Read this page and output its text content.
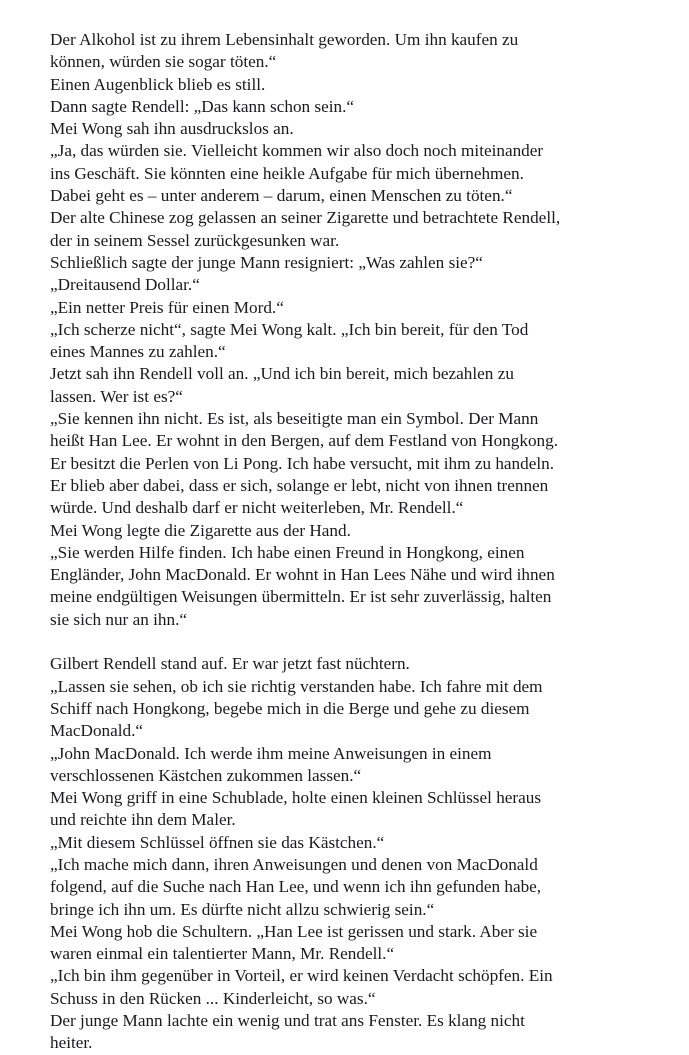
Der Alkohol ist zu ihrem Lebensinhalt geworden. Um ihn kaufen zu
können, würden sie sogar töten.“
Einen Augenblick blieb es still.
Dann sagte Rendell: „Das kann schon sein.“
Mei Wong sah ihn ausdruckslos an.
„Ja, das würden sie. Vielleicht kommen wir also doch noch miteinander
ins Geschäft. Sie könnten eine heikle Aufgabe für mich übernehmen.
Dabei geht es – unter anderem – darum, einen Menschen zu töten.“
Der alte Chinese zog gelassen an seiner Zigarette und betrachtete Rendell,
der in seinem Sessel zurückgesunken war.
Schließlich sagte der junge Mann resigniert: „Was zahlen sie?“
„Dreitausend Dollar.“
„Ein netter Preis für einen Mord.“
„Ich scherze nicht“, sagte Mei Wong kalt. „Ich bin bereit, für den Tod
eines Mannes zu zahlen.“
Jetzt sah ihn Rendell voll an. „Und ich bin bereit, mich bezahlen zu
lassen. Wer ist es?“
„Sie kennen ihn nicht. Es ist, als beseitigte man ein Symbol. Der Mann
heißt Han Lee. Er wohnt in den Bergen, auf dem Festland von Hongkong.
Er besitzt die Perlen von Li Pong. Ich habe versucht, mit ihm zu handeln.
Er blieb aber dabei, dass er sich, solange er lebt, nicht von ihnen trennen
würde. Und deshalb darf er nicht weiterleben, Mr. Rendell.“
Mei Wong legte die Zigarette aus der Hand.
„Sie werden Hilfe finden. Ich habe einen Freund in Hongkong, einen
Engländer, John MacDonald. Er wohnt in Han Lees Nähe und wird ihnen
meine endgültigen Weisungen übermitteln. Er ist sehr zuverlässig, halten
sie sich nur an ihn.“
Gilbert Rendell stand auf. Er war jetzt fast nüchtern.
„Lassen sie sehen, ob ich sie richtig verstanden habe. Ich fahre mit dem
Schiff nach Hongkong, begebe mich in die Berge und gehe zu diesem
MacDonald.“
„John MacDonald. Ich werde ihm meine Anweisungen in einem
verschlossenen Kästchen zukommen lassen.“
Mei Wong griff in eine Schublade, holte einen kleinen Schlüssel heraus
und reichte ihn dem Maler.
„Mit diesem Schlüssel öffnen sie das Kästchen.“
„Ich mache mich dann, ihren Anweisungen und denen von MacDonald
folgend, auf die Suche nach Han Lee, und wenn ich ihn gefunden habe,
bringe ich ihn um. Es dürfte nicht allzu schwierig sein.“
Mei Wong hob die Schultern. „Han Lee ist gerissen und stark. Aber sie
waren einmal ein talentierter Mann, Mr. Rendell.“
„Ich bin ihm gegenüber in Vorteil, er wird keinen Verdacht schöpfen. Ein
Schuss in den Rücken ... Kinderleicht, so was.“
Der junge Mann lachte ein wenig und trat ans Fenster. Es klang nicht
heiter.
